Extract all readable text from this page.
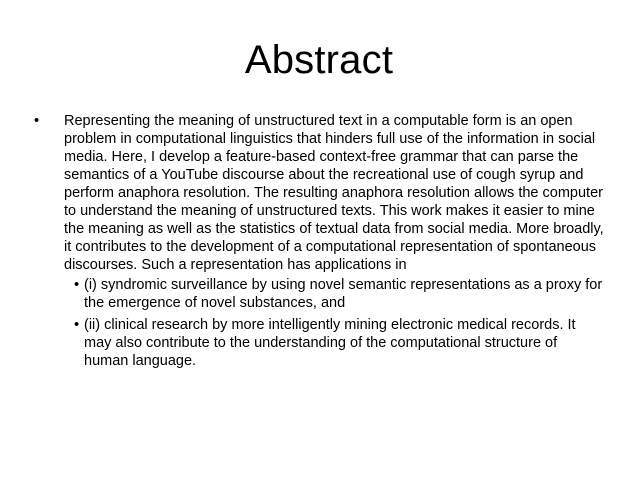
Abstract
•	Representing the meaning of unstructured text in a computable form is an open problem in computational linguistics that hinders full use of the information in social media. Here, I develop a feature-based context-free grammar that can parse the semantics of a YouTube discourse about the recreational use of cough syrup and perform anaphora resolution. The resulting anaphora resolution allows the computer to understand the meaning of unstructured texts. This work makes it easier to mine the meaning as well as the statistics of textual data from social media. More broadly, it contributes to the development of a computational representation of spontaneous discourses. Such a representation has applications in
• (i) syndromic surveillance by using novel semantic representations as a proxy for the emergence of novel substances, and
• (ii) clinical research by more intelligently mining electronic medical records. It may also contribute to the understanding of the computational structure of human language.
